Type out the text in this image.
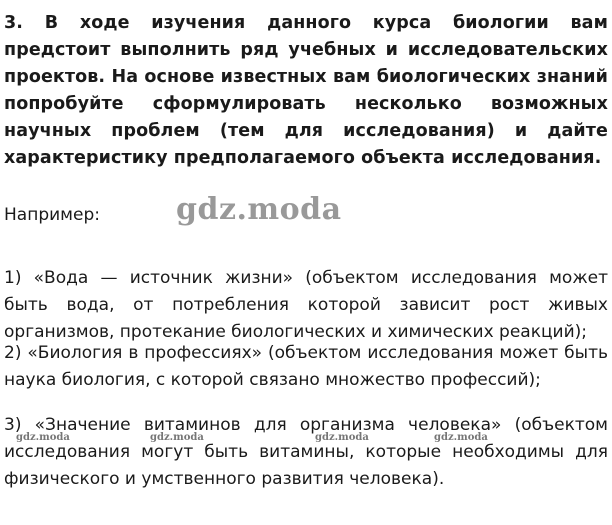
3. В ходе изучения данного курса биологии вам предстоит выполнить ряд учебных и исследовательских проектов. На основе известных вам биологических знаний попробуйте сформулировать несколько возможных научных проблем (тем для исследования) и дайте характеристику предполагаемого объекта исследования.
Например:	gdz.moda
1) «Вода — источник жизни» (объектом исследования может быть вода, от потребления которой зависит рост живых организмов, протекание биологических и химических реакций);
2) «Биология в профессиях» (объектом исследования может быть наука биология, с которой связано множество профессий);
3) «Значение витаминов для организма человека» (объектом исследования могут быть витамины, которые необходимы для физического и умственного развития человека).
gdz.moda	gdz.moda	gdz.moda	gdz.moda
